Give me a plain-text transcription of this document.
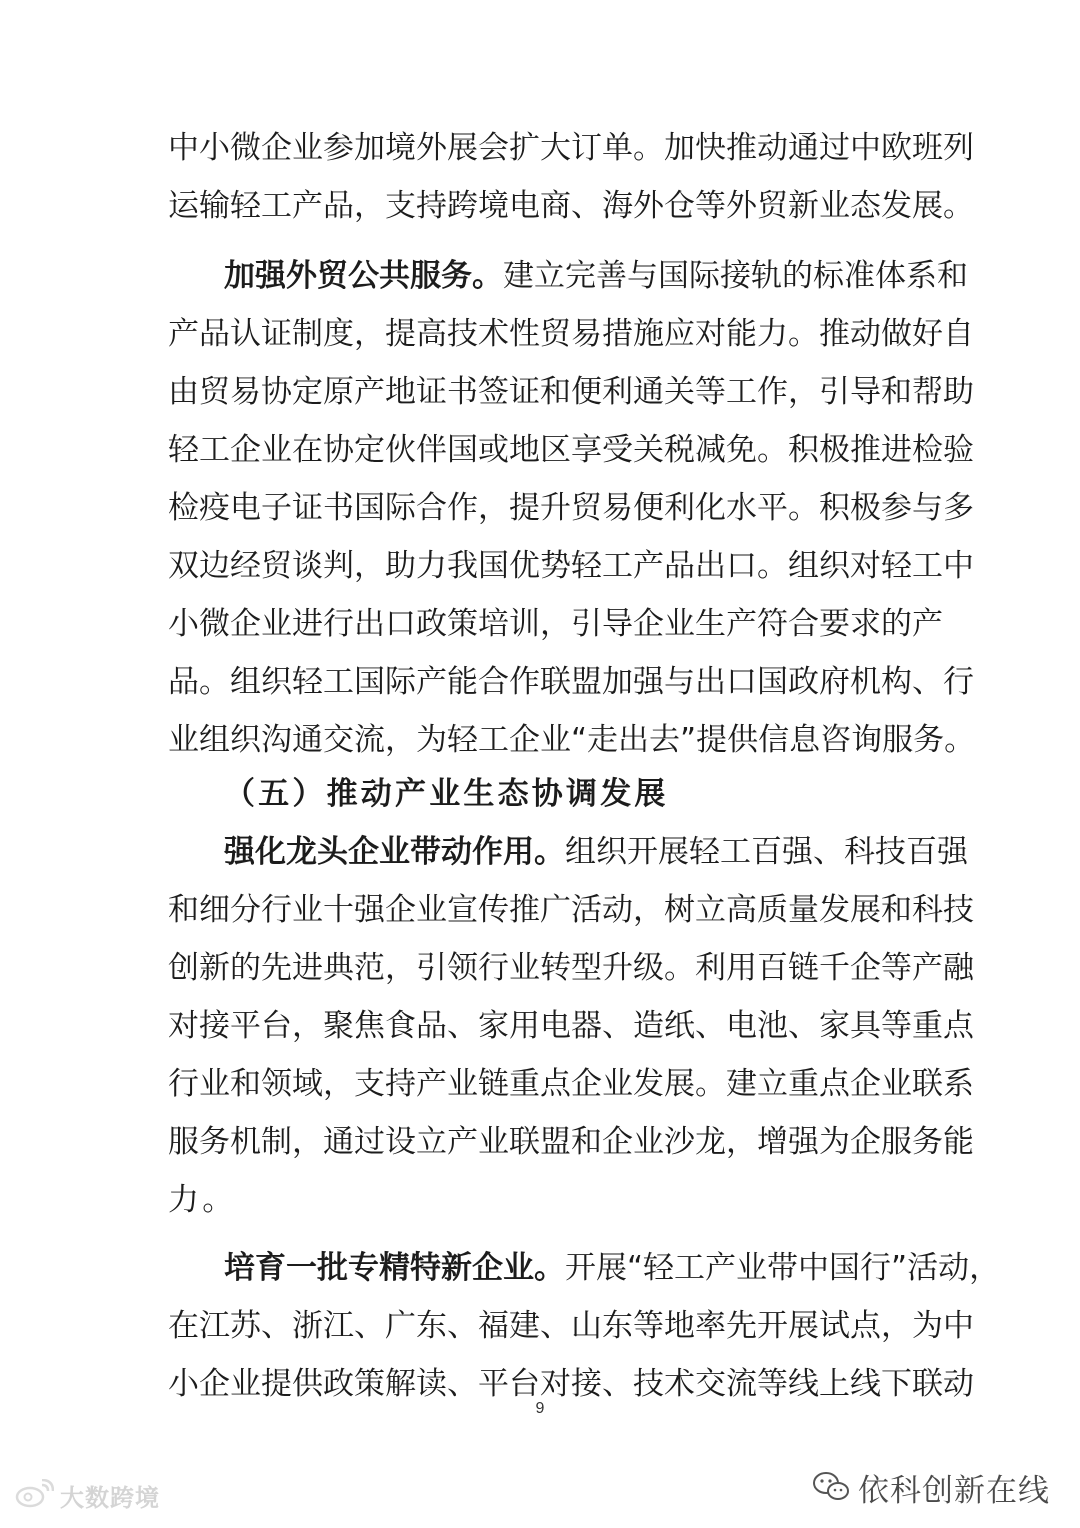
中小微企业参加境外展会扩大订单。加快推动通过中欧班列
运输轻工产品，支持跨境电商、海外仓等外贸新业态发展。
加强外贸公共服务。建立完善与国际接轨的标准体系和
产品认证制度，提高技术性贸易措施应对能力。推动做好自
由贸易协定原产地证书签证和便利通关等工作，引导和帮助
轻工企业在协定伙伴国或地区享受关税减免。积极推进检验
检疫电子证书国际合作，提升贸易便利化水平。积极参与多
双边经贸谈判，助力我国优势轻工产品出口。组织对轻工中
小微企业进行出口政策培训，引导企业生产符合要求的产
品。组织轻工国际产能合作联盟加强与出口国政府机构、行
业组织沟通交流，为轻工企业“走出去”提供信息咨询服务。
（五）推动产业生态协调发展
强化龙头企业带动作用。组织开展轻工百强、科技百强
和细分行业十强企业宣传推广活动，树立高质量发展和科技
创新的先进典范，引领行业转型升级。利用百链千企等产融
对接平台，聚焦食品、家用电器、造纸、电池、家具等重点
行业和领域，支持产业链重点企业发展。建立重点企业联系
服务机制，通过设立产业联盟和企业沙龙，增强为企服务能
力。
培育一批专精特新企业。开展“轻工产业带中国行”活动，
在江苏、浙江、广东、福建、山东等地率先开展试点，为中
小企业提供政策解读、平台对接、技术交流等线上线下联动
9
大数跨境	依科创新在线
